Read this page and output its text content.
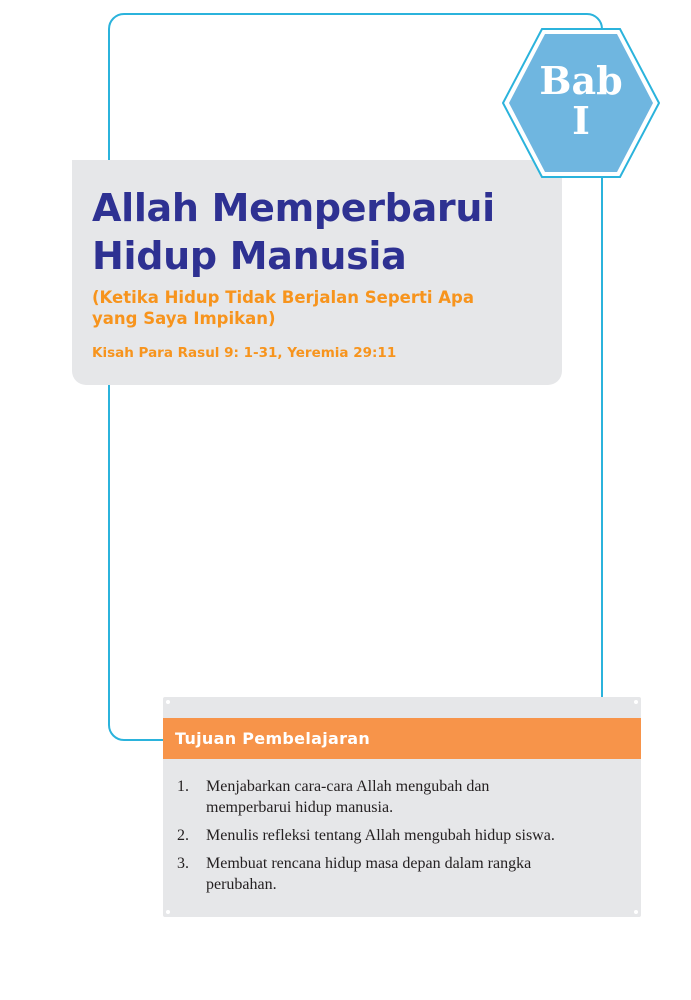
Allah Memperbarui
Hidup Manusia

(Ketika Hidup Tidak Berjalan Seperti Apa
yang Saya Impikan)

Kisah Para Rasul 9: 1-31, Yeremia 29:11

Bab
I
Tujuan Pembelajaran
1. Menjabarkan cara-cara Allah mengubah dan
memperbarui hidup manusia.
2. Menulis refleksi tentang Allah mengubah hidup siswa.
3. Membuat rencana hidup masa depan dalam rangka
perubahan.
